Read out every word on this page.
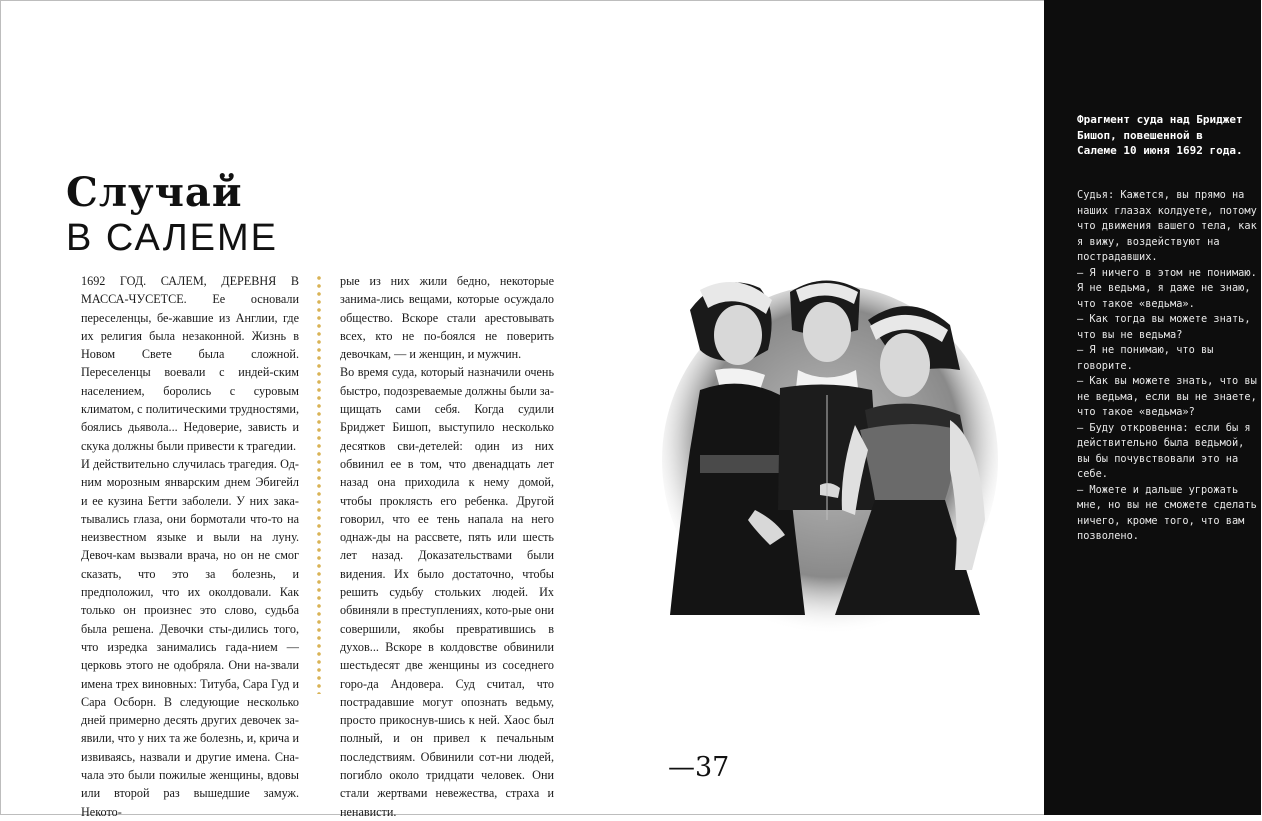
Случай
В САЛЕМЕ

1692 ГОД. САЛЕМ, ДЕРЕВНЯ В МАССА-ЧУСЕТСЕ. Ее основали переселенцы, бе-жавшие из Англии, где их религия была незаконной. Жизнь в Новом Свете была сложной. Переселенцы воевали с индей-ским населением, боролись с суровым климатом, с политическими трудностями, боялись дьявола... Недоверие, зависть и скука должны были привести к трагедии.

И действительно случилась трагедия. Од-ним морозным январским днем Эбигейл и ее кузина Бетти заболели. У них зака-тывались глаза, они бормотали что-то на неизвестном языке и выли на луну. Девоч-кам вызвали врача, но он не смог сказать, что это за болезнь, и предположил, что их околдовали. Как только он произнес это слово, судьба была решена. Девочки сты-дились того, что изредка занимались гада-нием — церковь этого не одобряла. Они на-звали имена трех виновных: Титуба, Сара Гуд и Сара Осборн. В следующие несколько дней примерно десять других девочек за-явили, что у них та же болезнь, и, крича и извиваясь, назвали и другие имена. Сна-чала это были пожилые женщины, вдовы или второй раз вышедшие замуж. Некото-

рые из них жили бедно, некоторые занима-лись вещами, которые осуждало общество. Вскоре стали арестовывать всех, кто не по-боялся не поверить девочкам, — и женщин, и мужчин.

Во время суда, который назначили очень быстро, подозреваемые должны были за-щищать сами себя. Когда судили Бриджет Бишоп, выступило несколько десятков сви-детелей: один из них обвинил ее в том, что двенадцать лет назад она приходила к нему домой, чтобы проклясть его ребенка. Другой говорил, что ее тень напала на него однаж-ды на рассвете, пять или шесть лет назад. Доказательствами были видения. Их было достаточно, чтобы решить судьбу стольких людей. Их обвиняли в преступлениях, кото-рые они совершили, якобы превратившись в духов... Вскоре в колдовстве обвинили шестьдесят две женщины из соседнего горо-да Андовера. Суд считал, что пострадавшие могут опознать ведьму, просто прикоснув-шись к ней. Хаос был полный, и он привел к печальным последствиям. Обвинили сот-ни людей, погибло около тридцати человек. Они стали жертвами невежества, страха и ненависти.

—37

Фрагмент суда над Бриджет Бишоп, повешенной в Салеме 10 июня 1692 года.

Судья: Кажется, вы прямо на наших глазах колдуете, потому что движения вашего тела, как я вижу, воздействуют на пострадавших.

— Я ничего в этом не понимаю. Я не ведьма, я даже не знаю, что такое «ведьма».

— Как тогда вы можете знать, что вы не ведьма?

— Я не понимаю, что вы говорите.

— Как вы можете знать, что вы не ведьма, если вы не знаете, что такое «ведьма»?

— Буду откровенна: если бы я действительно была ведьмой, вы бы почувствовали это на себе.

— Можете и дальше угрожать мне, но вы не сможете сделать ничего, кроме того, что вам позволено.
